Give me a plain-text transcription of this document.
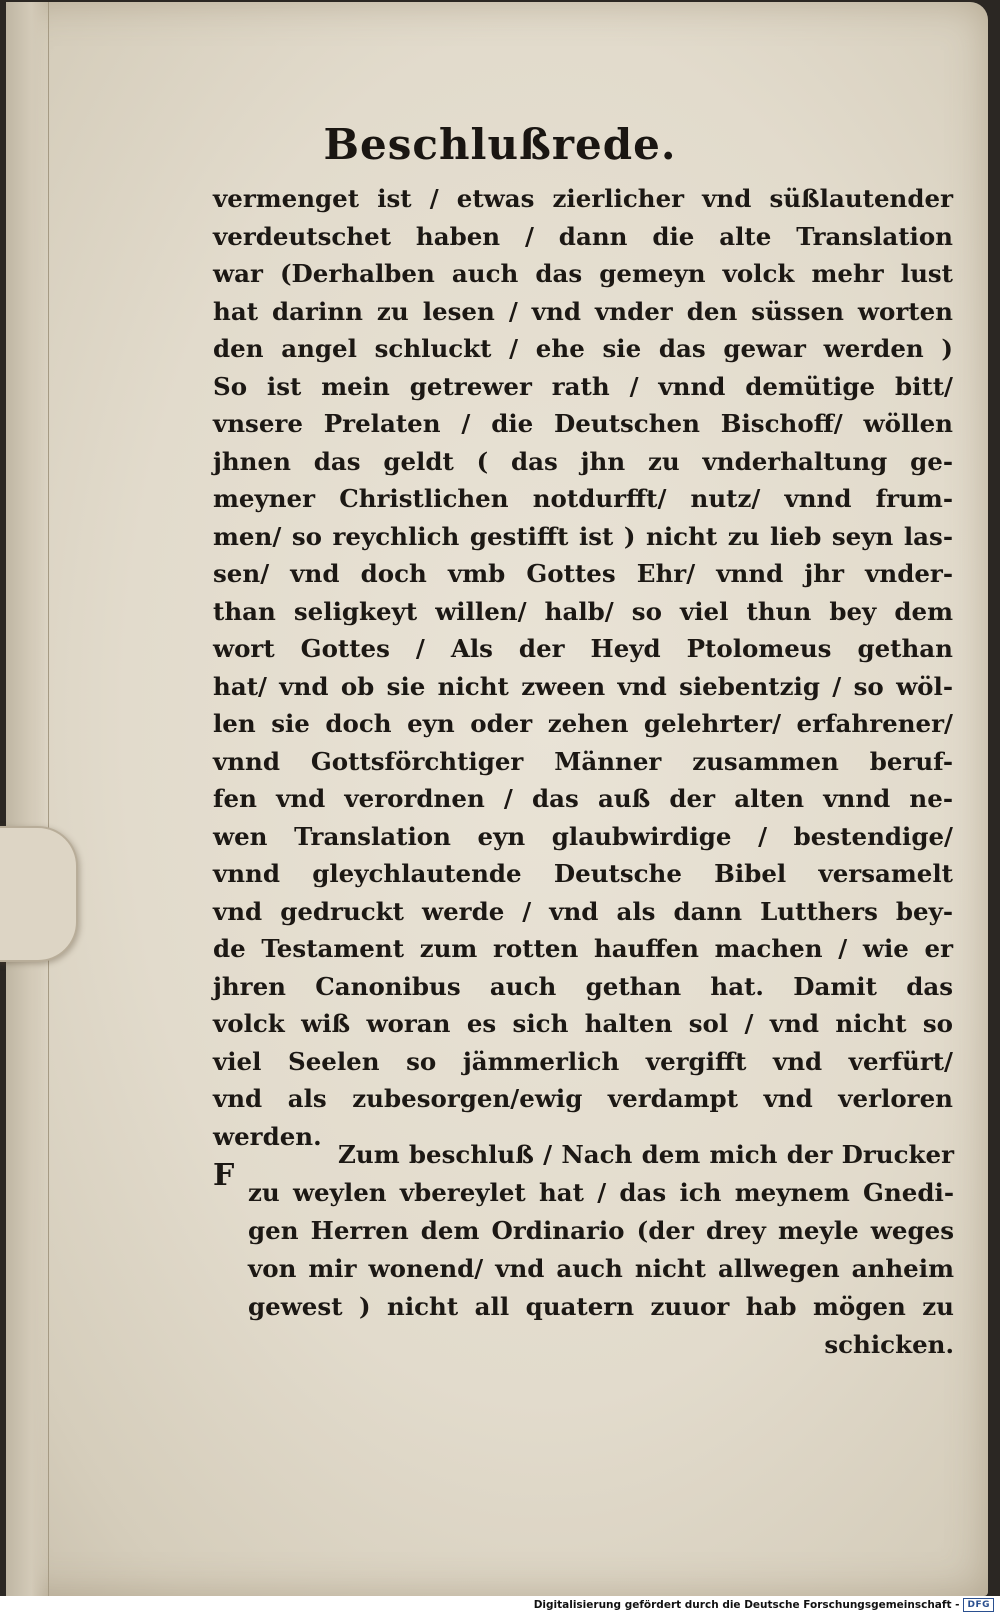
Beschlußrede.
vermenget ist / etwas zierlicher vnd süßlautender
verdeutschet haben / dann die alte Translation
war (Derhalben auch das gemeyn volck mehr lust
hat darinn zu lesen / vnd vnder den süssen worten
den angel schluckt / ehe sie das gewar werden )
So ist mein getrewer rath / vnnd demütige bitt/
vnsere Prelaten / die Deutschen Bischoff/ wöllen
jhnen das geldt ( das jhn zu vnderhaltung ge-
meyner Christlichen notdurfft/ nutz/ vnnd frum-
men/ so reychlich gestifft ist ) nicht zu lieb seyn las-
sen/ vnd doch vmb Gottes Ehr/ vnnd jhr vnder-
than seligkeyt willen/ halb/ so viel thun bey dem
wort Gottes / Als der Heyd Ptolomeus gethan
hat/ vnd ob sie nicht zween vnd siebentzig / so wöl-
len sie doch eyn oder zehen gelehrter/ erfahrener/
vnnd Gottsförchtiger Männer zusammen beruf-
fen vnd verordnen / das auß der alten vnnd ne-
wen Translation eyn glaubwirdige / bestendige/
vnnd gleychlautende Deutsche Bibel versamelt
vnd gedruckt werde / vnd als dann Lutthers bey-
de Testament zum rotten hauffen machen / wie er
jhren Canonibus auch gethan hat. Damit das
volck wiß woran es sich halten sol / vnd nicht so
viel Seelen so jämmerlich vergifft vnd verfürt/
vnd als zubesorgen/ewig verdampt vnd verloren
werden.
F
Zum beschluß / Nach dem mich der Drucker
zu weylen vbereylet hat / das ich meynem Gnedi-
gen Herren dem Ordinario (der drey meyle weges
von mir wonend/ vnd auch nicht allwegen anheim
gewest ) nicht all quatern zuuor hab mögen zu
schicken.
Digitalisierung gefördert durch die Deutsche Forschungsgemeinschaft - DFG
